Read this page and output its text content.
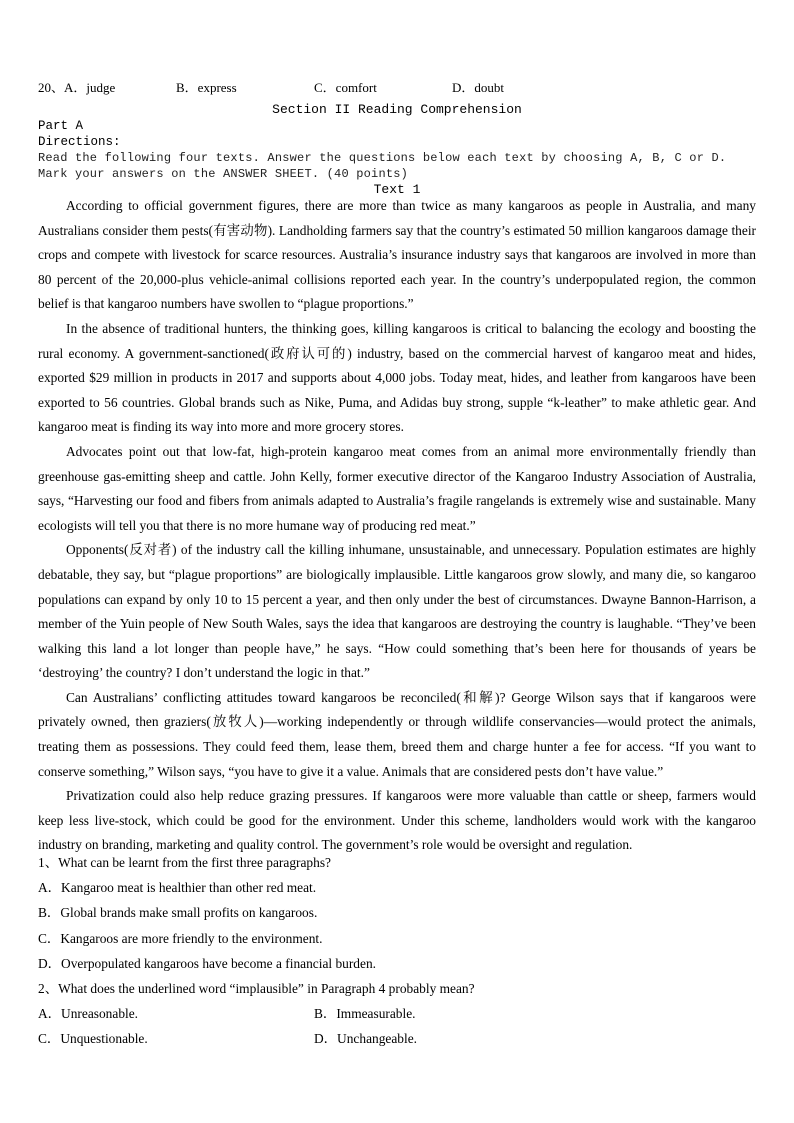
20、A．judge	B．express	C．comfort	D．doubt
Section II Reading Comprehension
Part A
Directions:
Read the following four texts. Answer the questions below each text by choosing A, B, C or D. Mark your answers on the ANSWER SHEET. (40 points)
Text 1

According to official government figures, there are more than twice as many kangaroos as people in Australia, and many Australians consider them pests(有害动物). Landholding farmers say that the country’s estimated 50 million kangaroos damage their crops and compete with livestock for scarce resources. Australia’s insurance industry says that kangaroos are involved in more than 80 percent of the 20,000-plus vehicle-animal collisions reported each year. In the country’s underpopulated region, the common belief is that kangaroo numbers have swollen to “plague proportions.”

In the absence of traditional hunters, the thinking goes, killing kangaroos is critical to balancing the ecology and boosting the rural economy. A government-sanctioned(政府认可的) industry, based on the commercial harvest of kangaroo meat and hides, exported $29 million in products in 2017 and supports about 4,000 jobs. Today meat, hides, and leather from kangaroos have been exported to 56 countries. Global brands such as Nike, Puma, and Adidas buy strong, supple “k-leather” to make athletic gear. And kangaroo meat is finding its way into more and more grocery stores.

Advocates point out that low-fat, high-protein kangaroo meat comes from an animal more environmentally friendly than greenhouse gas-emitting sheep and cattle. John Kelly, former executive director of the Kangaroo Industry Association of Australia, says, “Harvesting our food and fibers from animals adapted to Australia’s fragile rangelands is extremely wise and sustainable. Many ecologists will tell you that there is no more humane way of producing red meat.”

Opponents(反对者) of the industry call the killing inhumane, unsustainable, and unnecessary. Population estimates are highly debatable, they say, but “plague proportions” are biologically implausible. Little kangaroos grow slowly, and many die, so kangaroo populations can expand by only 10 to 15 percent a year, and then only under the best of circumstances. Dwayne Bannon-Harrison, a member of the Yuin people of New South Wales, says the idea that kangaroos are destroying the country is laughable. “They’ve been walking this land a lot longer than people have,” he says. “How could something that’s been here for thousands of years be ‘destroying’ the country? I don’t understand the logic in that.”

Can Australians’ conflicting attitudes toward kangaroos be reconciled(和解)? George Wilson says that if kangaroos were privately owned, then graziers(放牧人)—working independently or through wildlife conservancies—would protect the animals, treating them as possessions. They could feed them, lease them, breed them and charge hunter a fee for access. “If you want to conserve something,” Wilson says, “you have to give it a value. Animals that are considered pests don’t have value.”

Privatization could also help reduce grazing pressures. If kangaroos were more valuable than cattle or sheep, farmers would keep less live-stock, which could be good for the environment. Under this scheme, landholders would work with the kangaroo industry on branding, marketing and quality control. The government’s role would be oversight and regulation.

1、What can be learnt from the first three paragraphs?
A．Kangaroo meat is healthier than other red meat.
B．Global brands make small profits on kangaroos.
C．Kangaroos are more friendly to the environment.
D．Overpopulated kangaroos have become a financial burden.
2、What does the underlined word “implausible” in Paragraph 4 probably mean?
A．Unreasonable.	B．Immeasurable.
C．Unquestionable.	D．Unchangeable.
